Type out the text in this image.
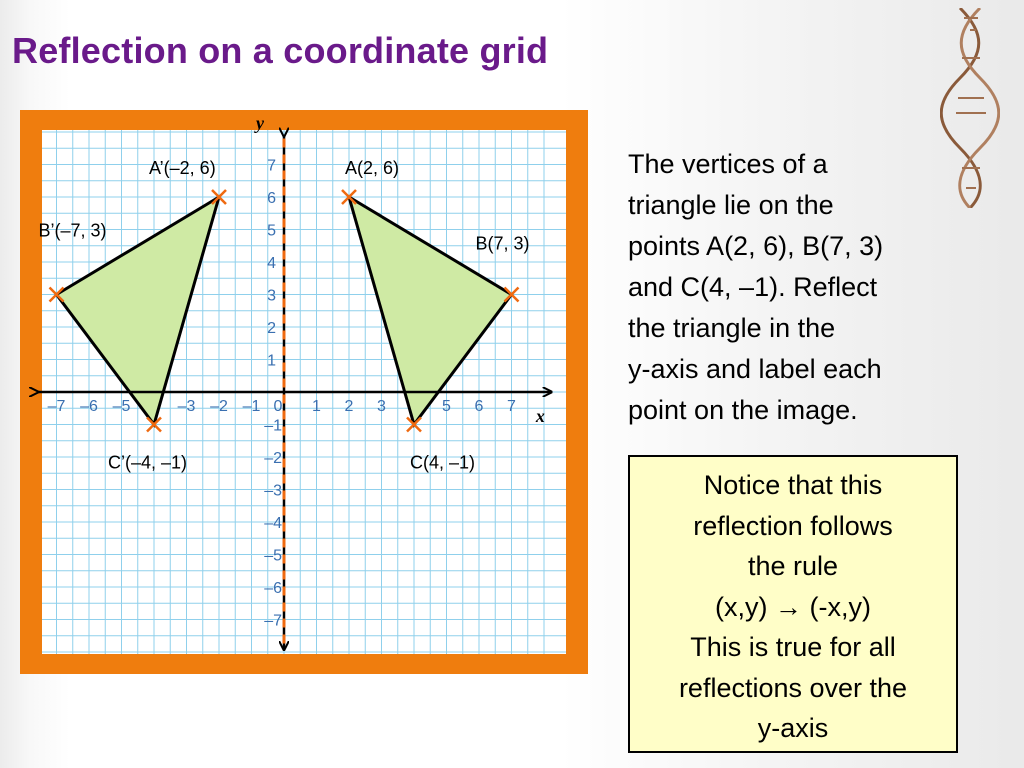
Reflection on a coordinate grid
x
y
–7 –6 –5	–3 –2 –1 0 1 2 3	5 6 7
1
2
3
4
5
6
7
–1
–2
–3
–4
–5
–6
–7
A(2, 6)
B(7, 3)
C(4, –1)
A’(–2, 6)
B’(–7, 3)
C’(–4, –1)
The vertices of a
triangle lie on the
points A(2, 6), B(7, 3)
and C(4, –1). Reflect
the triangle in the
y-axis and label each
point on the image.
Notice that this
reflection follows
the rule
(x,y) → (-x,y)
This is true for all
reflections over the
y-axis
